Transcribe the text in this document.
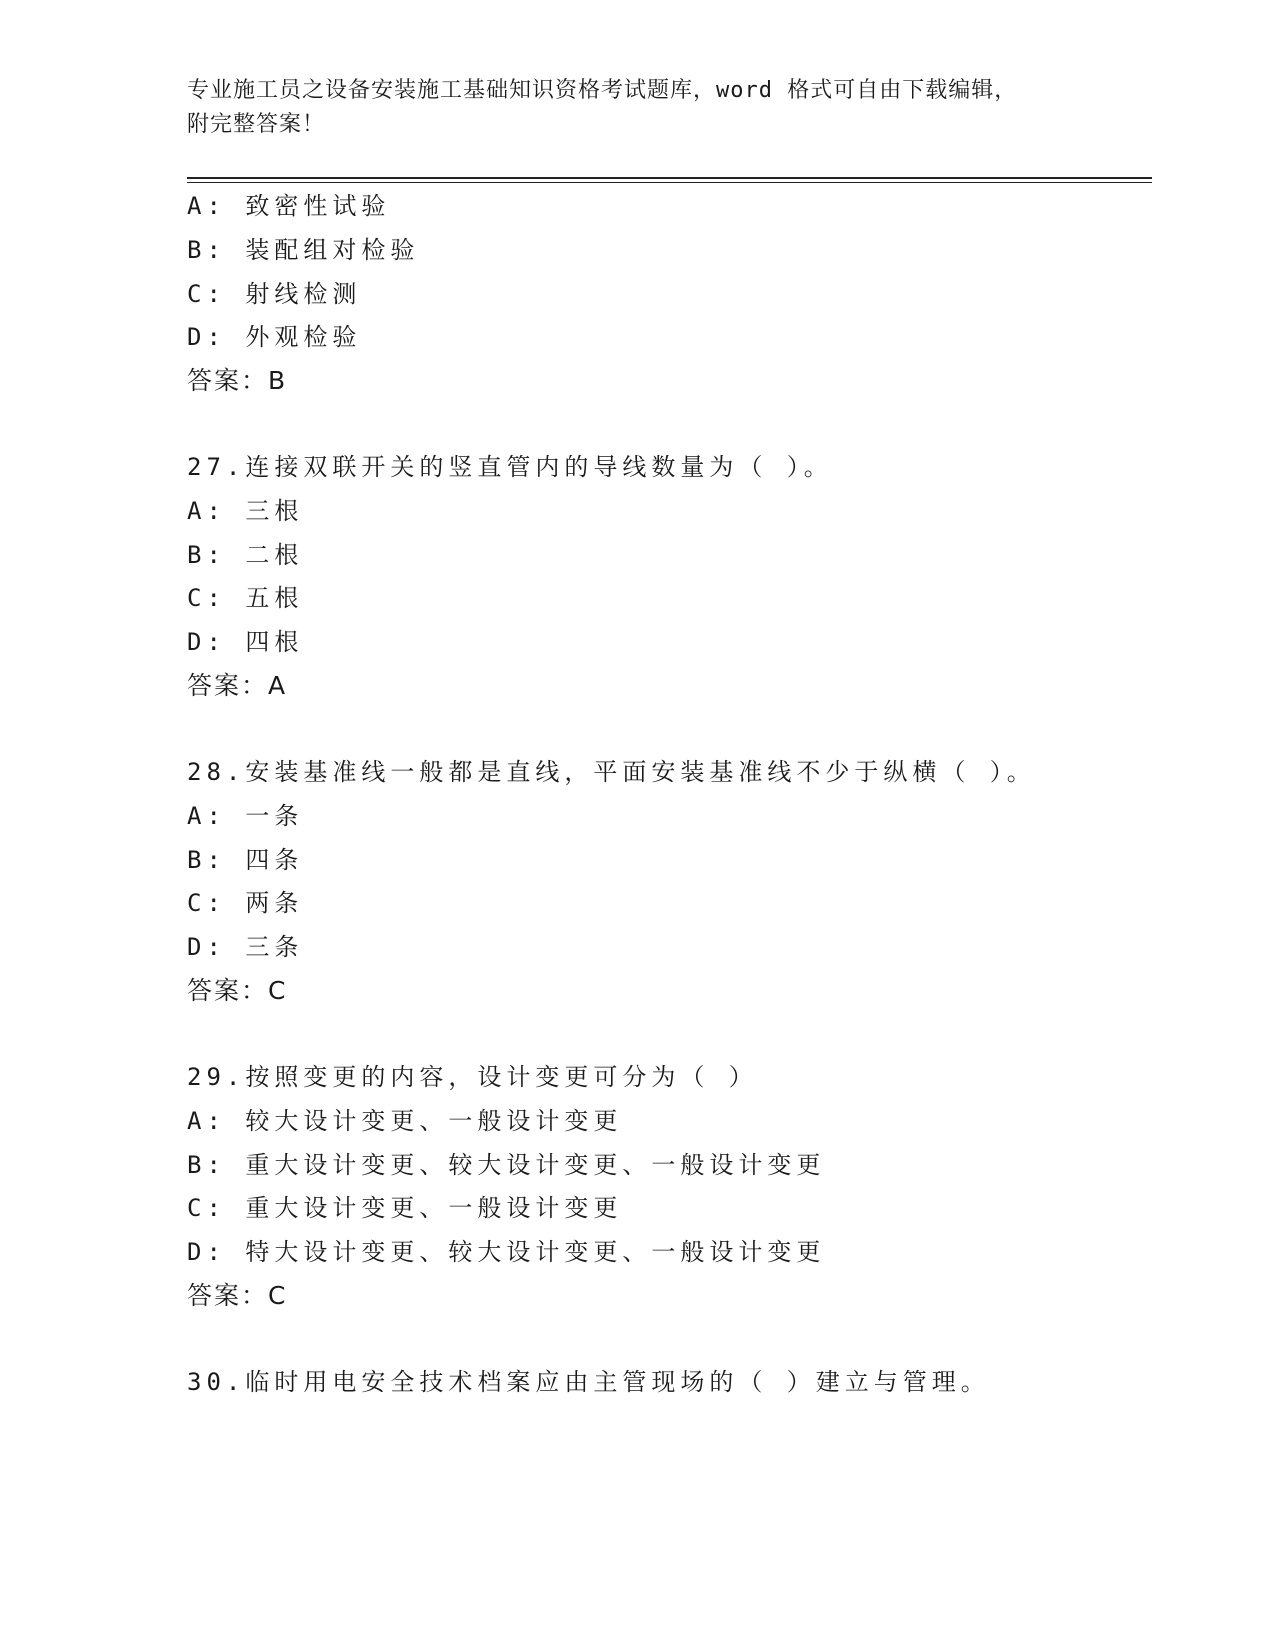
专业施工员之设备安装施工基础知识资格考试题库，word 格式可自由下载编辑，
附完整答案！
A: 致密性试验
B: 装配组对检验
C: 射线检测
D: 外观检验
答案：B
27.连接双联开关的竖直管内的导线数量为（ ）。
A: 三根
B: 二根
C: 五根
D: 四根
答案：A
28.安装基准线一般都是直线，平面安装基准线不少于纵横（ ）。
A: 一条
B: 四条
C: 两条
D: 三条
答案：C
29.按照变更的内容，设计变更可分为（ ）
A: 较大设计变更、一般设计变更
B: 重大设计变更、较大设计变更、一般设计变更
C: 重大设计变更、一般设计变更
D: 特大设计变更、较大设计变更、一般设计变更
答案：C
30.临时用电安全技术档案应由主管现场的（ ）建立与管理。
